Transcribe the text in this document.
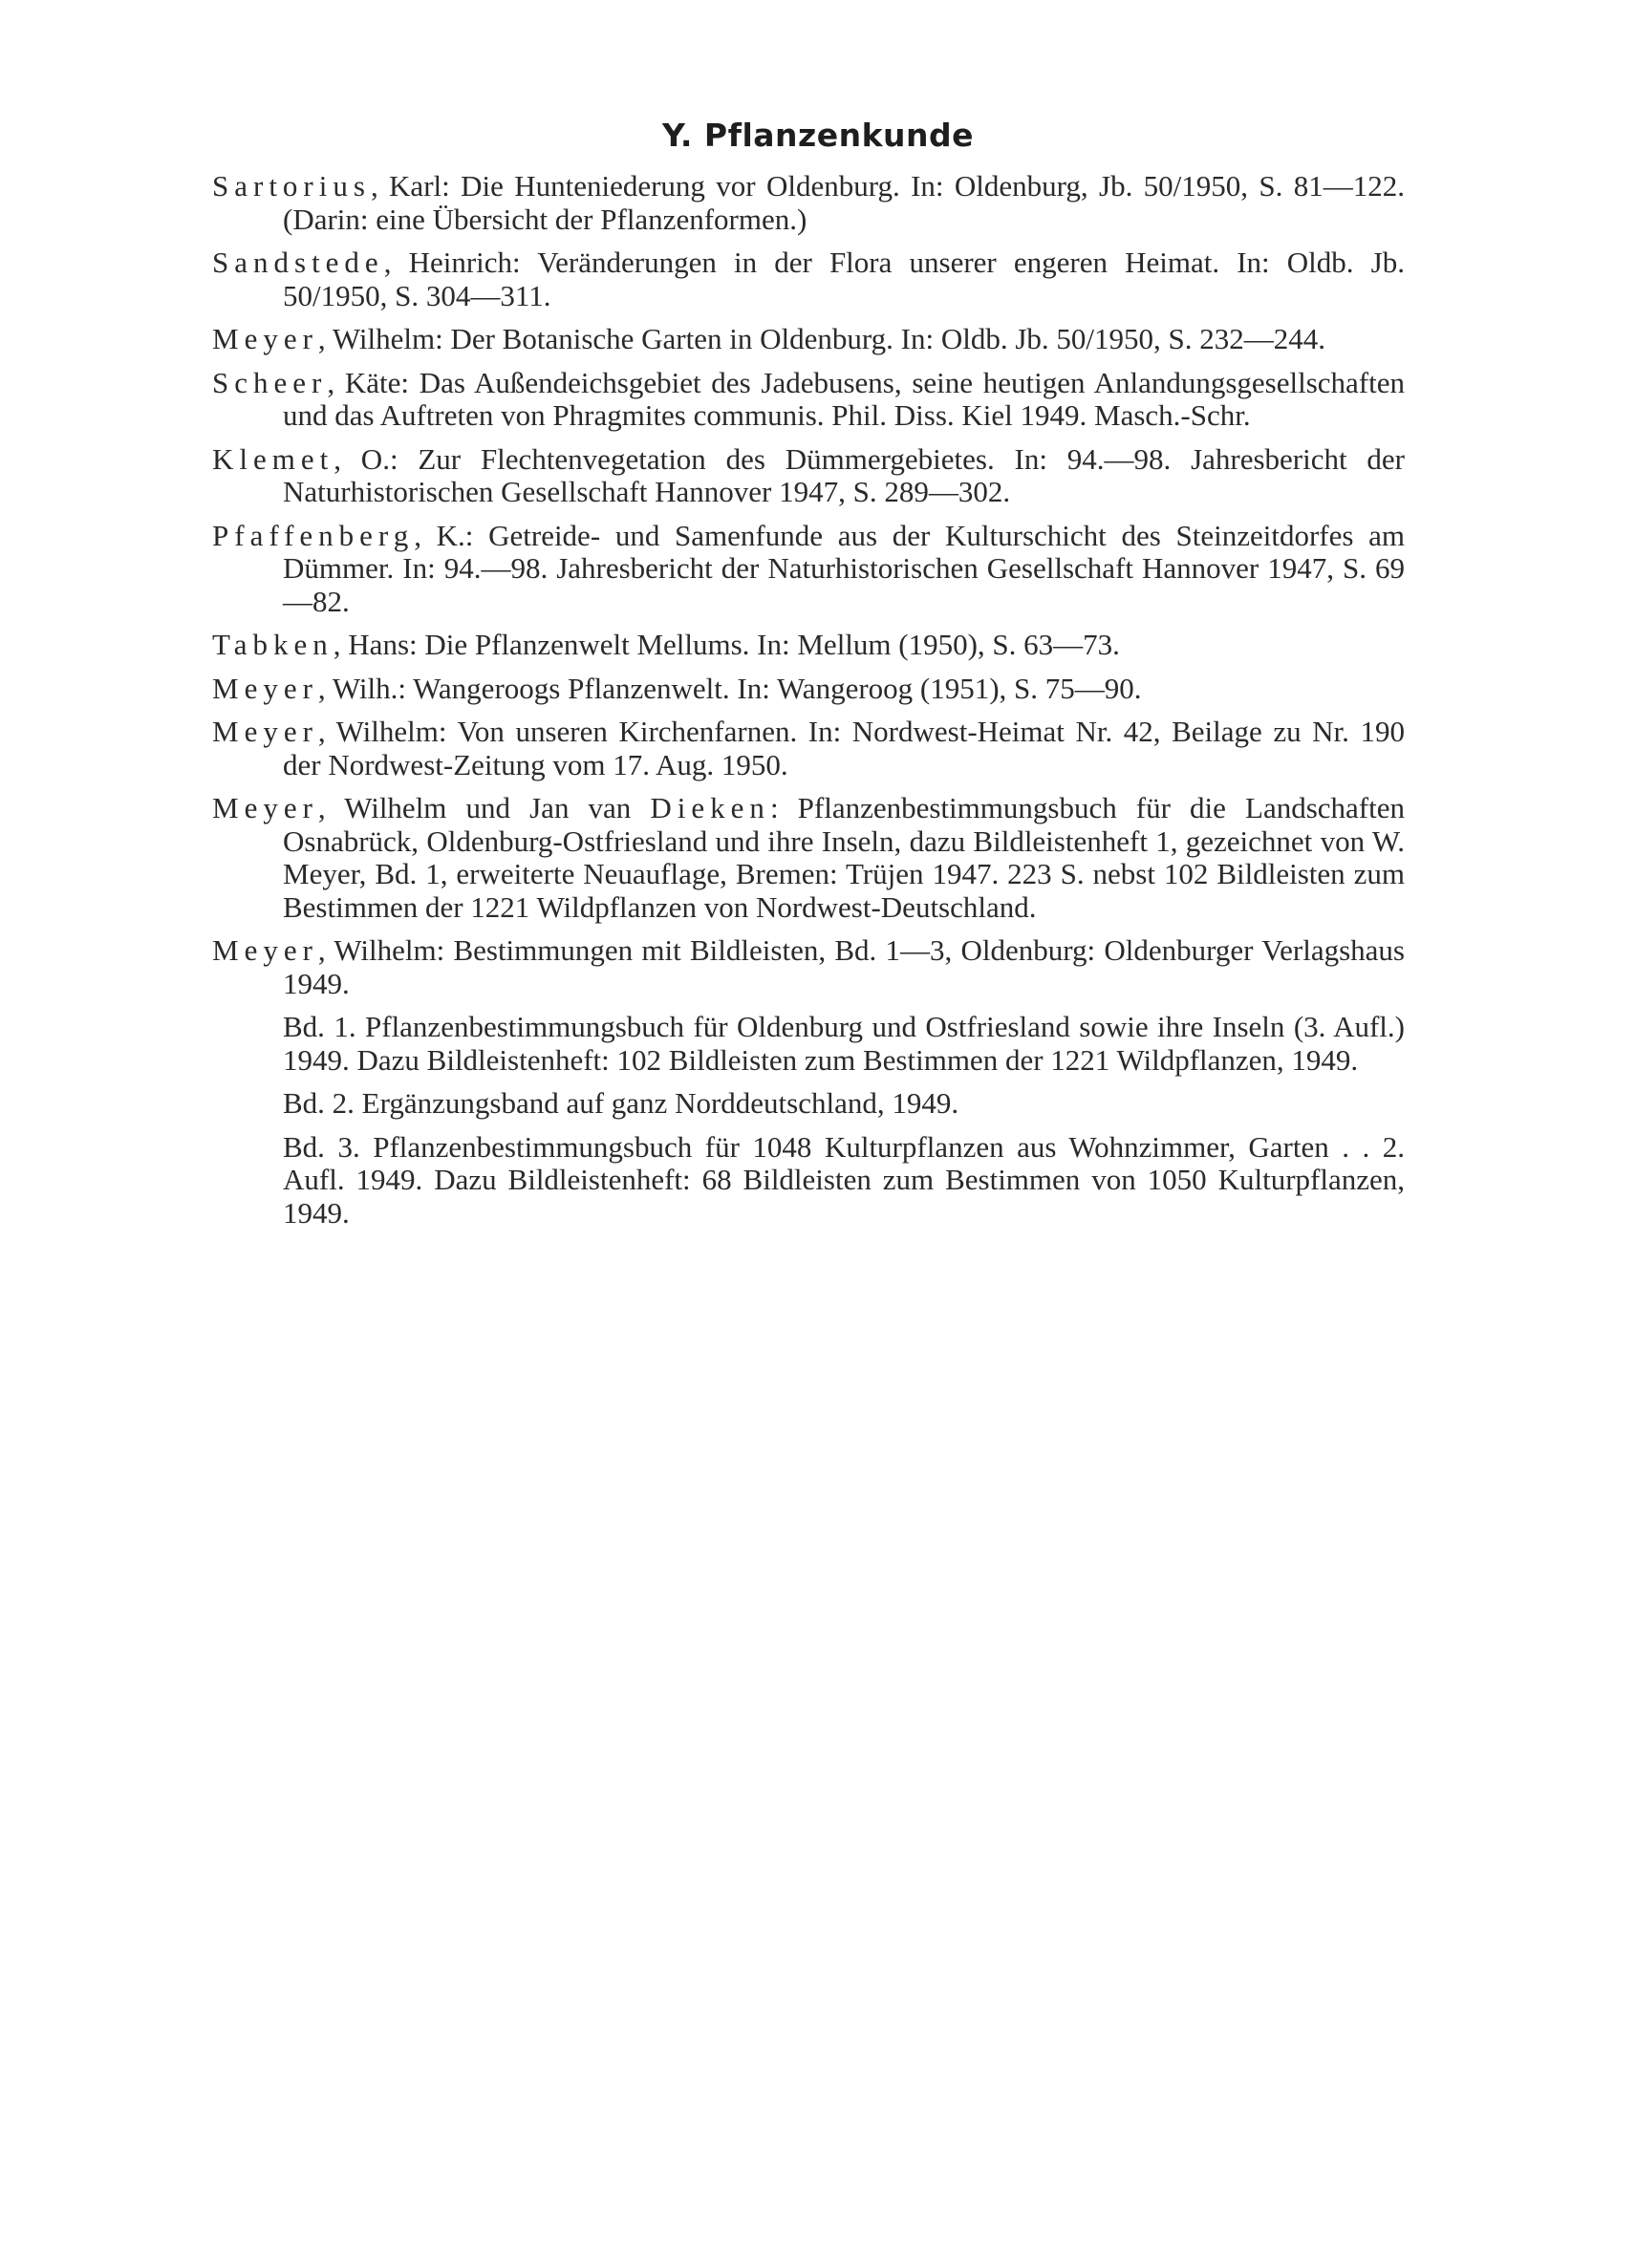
Y. Pflanzenkunde

Sartorius, Karl: Die Hunteniederung vor Oldenburg. In: Oldenburg, Jb. 50/1950, S. 81—122. (Darin: eine Übersicht der Pflanzenformen.)

Sandstede, Heinrich: Veränderungen in der Flora unserer engeren Heimat. In: Oldb. Jb. 50/1950, S. 304—311.

Meyer, Wilhelm: Der Botanische Garten in Oldenburg. In: Oldb. Jb. 50/1950, S. 232—244.

Scheer, Käte: Das Außendeichsgebiet des Jadebusens, seine heutigen Anlandungsgesellschaften und das Auftreten von Phragmites communis. Phil. Diss. Kiel 1949. Masch.-Schr.

Klemet, O.: Zur Flechtenvegetation des Dümmergebietes. In: 94.—98. Jahresbericht der Naturhistorischen Gesellschaft Hannover 1947, S. 289—302.

Pfaffenberg, K.: Getreide- und Samenfunde aus der Kulturschicht des Steinzeitdorfes am Dümmer. In: 94.—98. Jahresbericht der Naturhistorischen Gesellschaft Hannover 1947, S. 69—82.

Tabken, Hans: Die Pflanzenwelt Mellums. In: Mellum (1950), S. 63—73.

Meyer, Wilh.: Wangeroogs Pflanzenwelt. In: Wangeroog (1951), S. 75—90.

Meyer, Wilhelm: Von unseren Kirchenfarnen. In: Nordwest-Heimat Nr. 42, Beilage zu Nr. 190 der Nordwest-Zeitung vom 17. Aug. 1950.

Meyer, Wilhelm und Jan van Dieken: Pflanzenbestimmungsbuch für die Landschaften Osnabrück, Oldenburg-Ostfriesland und ihre Inseln, dazu Bildleistenheft 1, gezeichnet von W. Meyer, Bd. 1, erweiterte Neuauflage, Bremen: Trüjen 1947. 223 S. nebst 102 Bildleisten zum Bestimmen der 1221 Wildpflanzen von Nordwest-Deutschland.

Meyer, Wilhelm: Bestimmungen mit Bildleisten, Bd. 1—3, Oldenburg: Oldenburger Verlagshaus 1949.

Bd. 1. Pflanzenbestimmungsbuch für Oldenburg und Ostfriesland sowie ihre Inseln (3. Aufl.) 1949. Dazu Bildleistenheft: 102 Bildleisten zum Bestimmen der 1221 Wildpflanzen, 1949.

Bd. 2. Ergänzungsband auf ganz Norddeutschland, 1949.

Bd. 3. Pflanzenbestimmungsbuch für 1048 Kulturpflanzen aus Wohnzimmer, Garten . . 2. Aufl. 1949. Dazu Bildleistenheft: 68 Bildleisten zum Bestimmen von 1050 Kulturpflanzen, 1949.
